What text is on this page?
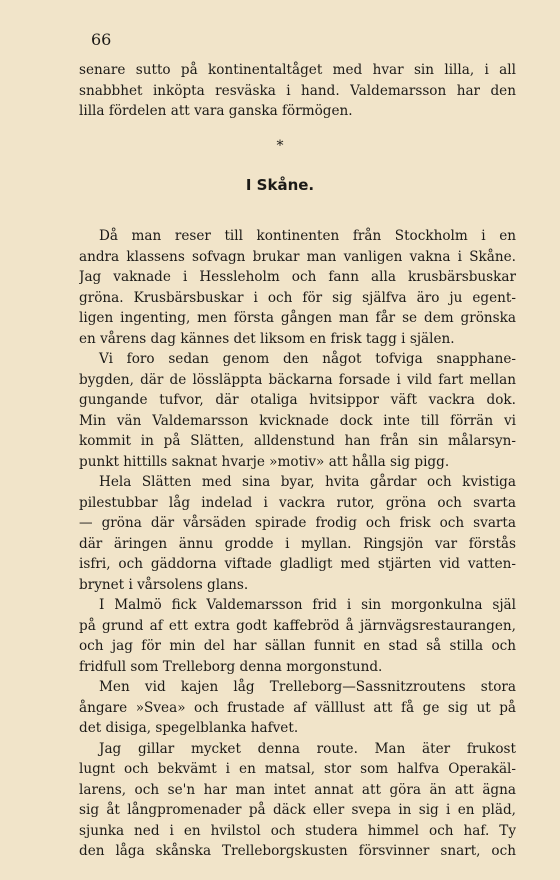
66
senare sutto på kontinentaltåget med hvar sin lilla, i all
snabbhet inköpta resväska i hand. Valdemarsson har den
lilla fördelen att vara ganska förmögen.
*
I Skåne.
Då man reser till kontinenten från Stockholm i en
andra klassens sofvagn brukar man vanligen vakna i Skåne.
Jag vaknade i Hessleholm och fann alla krusbärsbuskar
gröna. Krusbärsbuskar i och för sig själfva äro ju egent-
ligen ingenting, men första gången man får se dem grönska
en vårens dag kännes det liksom en frisk tagg i själen.
Vi foro sedan genom den något tofviga snapphane-
bygden, där de lössläppta bäckarna forsade i vild fart mellan
gungande tufvor, där otaliga hvitsippor väft vackra dok.
Min vän Valdemarsson kvicknade dock inte till förrän vi
kommit in på Slätten, alldenstund han från sin målarsyn-
punkt hittills saknat hvarje »motiv» att hålla sig pigg.
Hela Slätten med sina byar, hvita gårdar och kvistiga
pilestubbar låg indelad i vackra rutor, gröna och svarta
— gröna där vårsäden spirade frodig och frisk och svarta
där äringen ännu grodde i myllan. Ringsjön var förstås
isfri, och gäddorna viftade gladligt med stjärten vid vatten-
brynet i vårsolens glans.
I Malmö fick Valdemarsson frid i sin morgonkulna själ
på grund af ett extra godt kaffebröd å järnvägsrestaurangen,
och jag för min del har sällan funnit en stad så stilla och
fridfull som Trelleborg denna morgonstund.
Men vid kajen låg Trelleborg—Sassnitzroutens stora
ångare »Svea» och frustade af välllust att få ge sig ut på
det disiga, spegelblanka hafvet.
Jag gillar mycket denna route. Man äter frukost
lugnt och bekvämt i en matsal, stor som halfva Operakäl-
larens, och se'n har man intet annat att göra än att ägna
sig åt långpromenader på däck eller svepa in sig i en pläd,
sjunka ned i en hvilstol och studera himmel och haf. Ty
den låga skånska Trelleborgskusten försvinner snart, och
